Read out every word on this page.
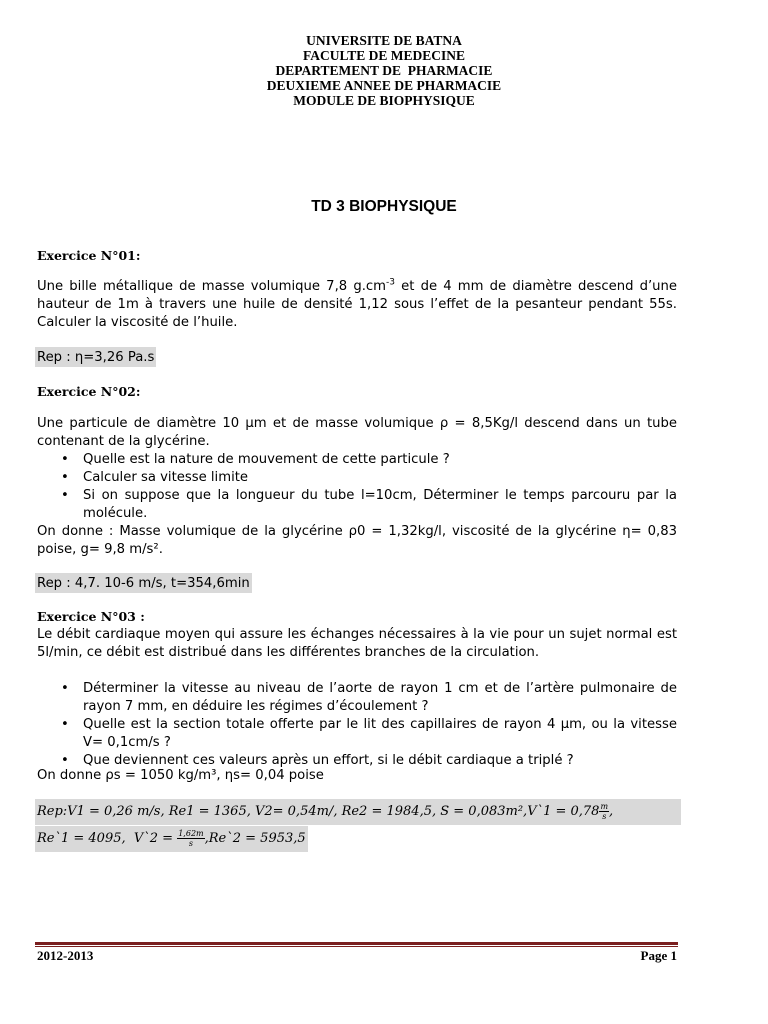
UNIVERSITE DE BATNA
FACULTE DE MEDECINE
DEPARTEMENT DE  PHARMACIE
DEUXIEME ANNEE DE PHARMACIE
MODULE DE BIOPHYSIQUE
TD 3 BIOPHYSIQUE
Exercice N°01:
Une bille métallique de masse volumique 7,8 $g.cm^{-3}$ et de 4 mm de diamètre descend d’une hauteur de 1m à travers une huile de densité 1,12 sous l’effet de la pesanteur pendant 55s. Calculer la viscosité de l’huile.
Rep : η=3,26 Pa.s
Exercice N°02:
Une particule de diamètre 10 μm et de masse volumique ρ = 8,5Kg/l descend dans un tube contenant de la glycérine.
• Quelle est la nature de mouvement de cette particule ?
• Calculer sa vitesse limite
• Si on suppose que la longueur du tube l=10cm, Déterminer le temps parcouru par la molécule.
On donne : Masse volumique de la glycérine ρ0 = 1,32kg/l, viscosité de la glycérine η= 0,83 poise, g= 9,8 m/s².
Rep : 4,7. 10-6 m/s, t=354,6min
Exercice N°03 :
Le débit cardiaque moyen qui assure les échanges nécessaires à la vie pour un sujet normal est 5l/min, ce débit est distribué dans les différentes branches de la circulation.
• Déterminer la vitesse au niveau de l’aorte de rayon 1 cm et de l’artère pulmonaire de rayon 7 mm, en déduire les régimes d’écoulement ?
• Quelle est la section totale offerte par le lit des capillaires de rayon 4 μm, ou la vitesse V= 0,1cm/s ?
• Que deviennent ces valeurs après un effort, si le débit cardiaque a triplé ?
On donne ρs = 1050 kg/m³, ηs= 0,04 poise
Rep:V1 = 0,26 m/s, Re1 = 1365, V2= 0,54m/, Re2 = 1984,5, S = 0,083m²,V`1 = $0,78 \frac{m}{s}$ ,
Re`1 = 4095,  V`2 = $\frac{1,62m}{s}$ ,Re`2 = 5953,5
2012-2013	Page 1
